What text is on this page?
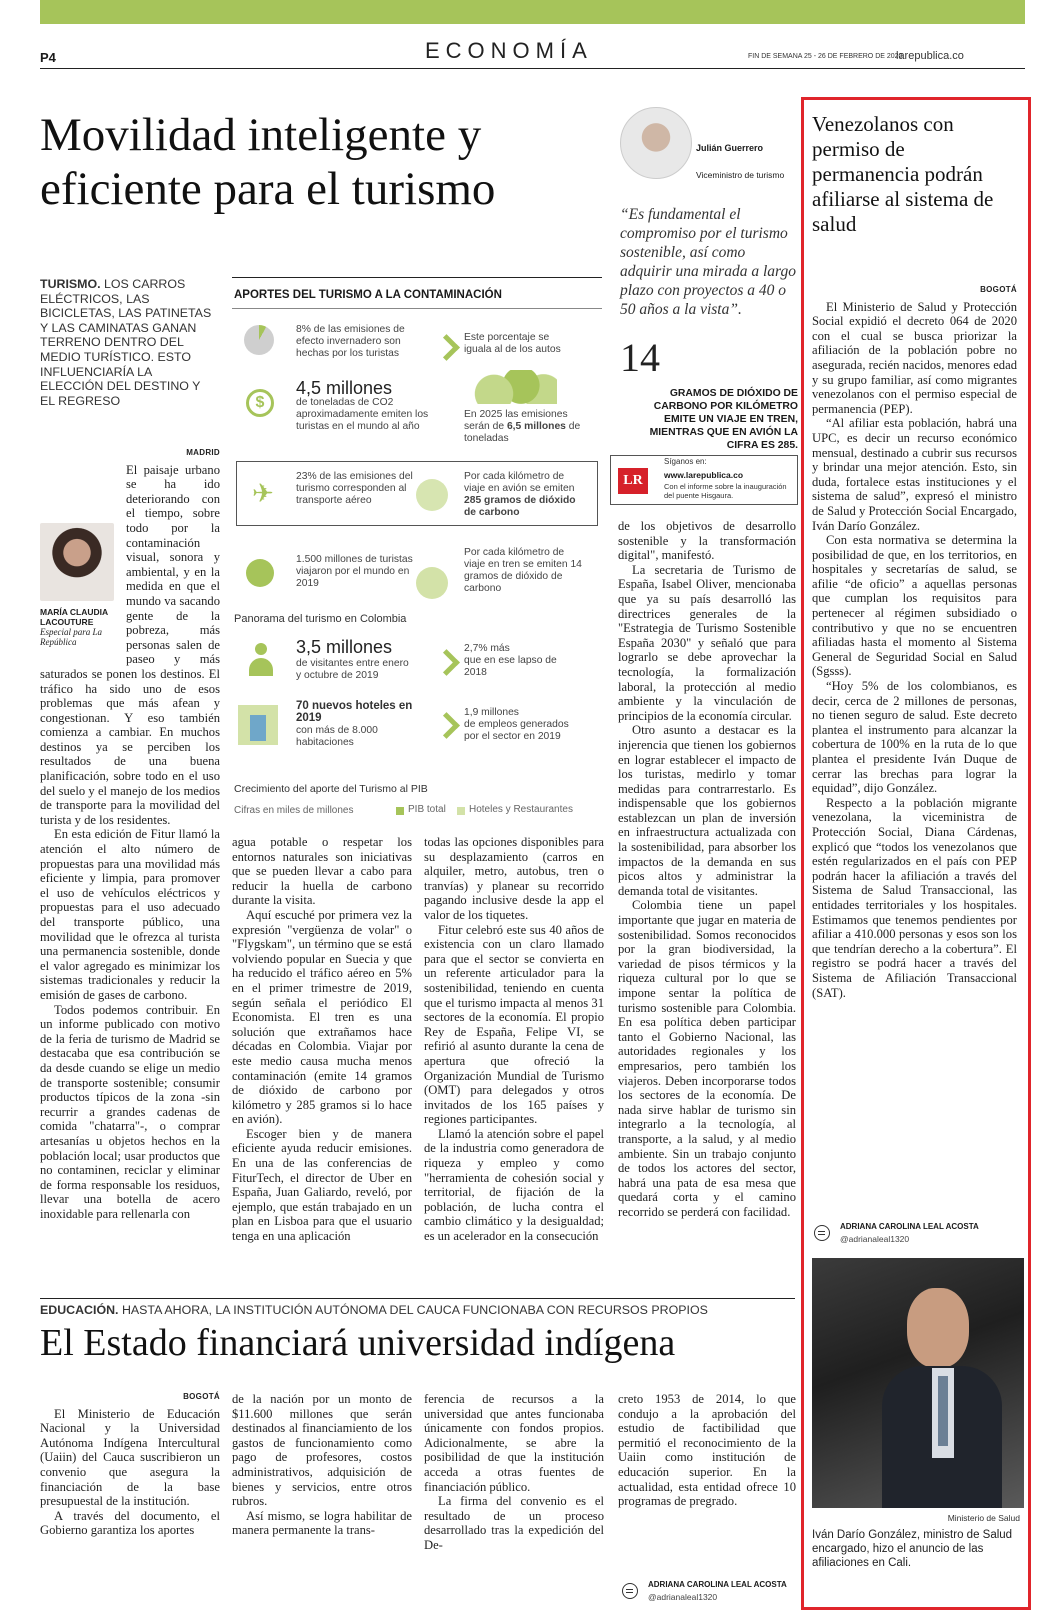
P4	ECONOMÍA	FIN DE SEMANA 25 - 26 DE FEBRERO DE 2020
larepublica.co
Movilidad inteligente y eficiente para el turismo
TURISMO. LOS CARROS ELÉCTRICOS, LAS BICICLETAS, LAS PATINETAS Y LAS CAMINATAS GANAN TERRENO DENTRO DEL MEDIO TURÍSTICO. ESTO INFLUENCIARÍA LA ELECCIÓN DEL DESTINO Y EL REGRESO
MADRID
MARÍA CLAUDIA LACOUTURE
Especial para La República

El paisaje urbano se ha ido deteriorando con el tiempo, sobre todo por la contaminación visual, sonora y ambiental, y en la medida en que el mundo va sacando gente de la pobreza, más personas salen de paseo y más saturados se ponen los destinos. El tráfico ha sido uno de esos problemas que más afean y congestionan. Y eso también comienza a cambiar. En muchos destinos ya se perciben los resultados de una buena planificación, sobre todo en el uso del suelo y el manejo de los medios de transporte para la movilidad del turista y de los residentes.

En esta edición de Fitur llamó la atención el alto número de propuestas para una movilidad más eficiente y limpia, para promover el uso de vehículos eléctricos y propuestas para el uso adecuado del transporte público, una movilidad que le ofrezca al turista una permanencia sostenible, donde el valor agregado es minimizar los sistemas tradicionales y reducir la emisión de gases de carbono.

Todos podemos contribuir. En un informe publicado con motivo de la feria de turismo de Madrid se destacaba que esa contribución se da desde cuando se elige un medio de transporte sostenible; consumir productos típicos de la zona -sin recurrir a grandes cadenas de comida "chatarra"-, o comprar artesanías u objetos hechos en la población local; usar productos que no contaminen, reciclar y eliminar de forma responsable los residuos, llevar una botella de acero inoxidable para rellenarla con

APORTES DEL TURISMO A LA CONTAMINACIÓN
8% de las emisiones de efecto invernadero son hechas por los turistas
Este porcentaje se iguala al de los autos
$
4,5 millones
de toneladas de CO2 aproximadamente emiten los turistas en el mundo al año
En 2025 las emisiones serán de 6,5 millones de toneladas
✈
23% de las emisiones del turismo corresponden al transporte aéreo
Por cada kilómetro de viaje en avión se emiten 285 gramos de dióxido de carbono
1.500 millones de turistas viajaron por el mundo en 2019
Por cada kilómetro de viaje en tren se emiten 14 gramos de dióxido de carbono
Panorama del turismo en Colombia
3,5 millones
de visitantes entre enero y octubre de 2019
2,7% más
que en ese lapso de 2018
70 nuevos hoteles en 2019
con más de 8.000 habitaciones
1,9 millones
de empleos generados por el sector en 2019
Crecimiento del aporte del Turismo al PIB
Cifras en miles de millones	PIB total Hoteles y Restaurantes

agua potable o respetar los entornos naturales son iniciativas que se pueden llevar a cabo para reducir la huella de carbono durante la visita.

Aquí escuché por primera vez la expresión "vergüenza de volar" o "Flygskam", un término que se está volviendo popular en Suecia y que ha reducido el tráfico aéreo en 5% en el primer trimestre de 2019, según señala el periódico El Economista. El tren es una solución que extrañamos hace décadas en Colombia. Viajar por este medio causa mucha menos contaminación (emite 14 gramos de dióxido de carbono por kilómetro y 285 gramos si lo hace en avión).

Escoger bien y de manera eficiente ayuda reducir emisiones. En una de las conferencias de FiturTech, el director de Uber en España, Juan Galiardo, reveló, por ejemplo, que están trabajado en un plan en Lisboa para que el usuario tenga en una aplicación

todas las opciones disponibles para su desplazamiento (carros en alquiler, metro, autobus, tren o tranvías) y planear su recorrido pagando inclusive desde la app el valor de los tiquetes.

Fitur celebró este sus 40 años de existencia con un claro llamado para que el sector se convierta en un referente articulador para la sostenibilidad, teniendo en cuenta que el turismo impacta al menos 31 sectores de la economía. El propio Rey de España, Felipe VI, se refirió al asunto durante la cena de apertura que ofreció la Organización Mundial de Turismo (OMT) para delegados y otros invitados de los 165 países y regiones participantes.

Llamó la atención sobre el papel de la industria como generadora de riqueza y empleo y como "herramienta de cohesión social y territorial, de fijación de la población, de lucha contra el cambio climático y la desigualdad; es un acelerador en la consecución

Julián Guerrero
Viceministro de turismo
“Es fundamental el compromiso por el turismo sostenible, así como adquirir una mirada a largo plazo con proyectos a 40 o 50 años a la vista”.
14
GRAMOS DE DIÓXIDO DE CARBONO POR KILÓMETRO EMITE UN VIAJE EN TREN, MIENTRAS QUE EN AVIÓN LA CIFRA ES 285.
LR
Síganos en:
www.larepublica.co
Con el informe sobre la inauguración del puente Hisgaura.

de los objetivos de desarrollo sostenible y la transformación digital", manifestó.

La secretaria de Turismo de España, Isabel Oliver, mencionaba que ya su país desarrolló las directrices generales de la "Estrategia de Turismo Sostenible España 2030" y señaló que para lograrlo se debe aprovechar la tecnología, la formalización laboral, la protección al medio ambiente y la vinculación de principios de la economía circular.

Otro asunto a destacar es la injerencia que tienen los gobiernos en lograr establecer el impacto de los turistas, medirlo y tomar medidas para contrarrestarlo. Es indispensable que los gobiernos establezcan un plan de inversión en infraestructura actualizada con la sostenibilidad, para absorber los impactos de la demanda en sus picos altos y administrar la demanda total de visitantes.

Colombia tiene un papel importante que jugar en materia de sostenibilidad. Somos reconocidos por la gran biodiversidad, la variedad de pisos térmicos y la riqueza cultural por lo que se impone sentar la política de turismo sostenible para Colombia. En esa política deben participar tanto el Gobierno Nacional, las autoridades regionales y los empresarios, pero también los viajeros. Deben incorporarse todos los sectores de la economía. De nada sirve hablar de turismo sin integrarlo a la tecnología, al transporte, a la salud, y al medio ambiente. Sin un trabajo conjunto de todos los actores del sector, habrá una pata de esa mesa que quedará corta y el camino recorrido se perderá con facilidad.

Venezolanos con permiso de permanencia podrán afiliarse al sistema de salud
BOGOTÁ

El Ministerio de Salud y Protección Social expidió el decreto 064 de 2020 con el cual se busca priorizar la afiliación de la población pobre no asegurada, recién nacidos, menores edad y su grupo familiar, así como migrantes venezolanos con el permiso especial de permanencia (PEP).

“Al afiliar esta población, habrá una UPC, es decir un recurso económico mensual, destinado a cubrir sus recursos y brindar una mejor atención. Esto, sin duda, fortalece estas instituciones y el sistema de salud”, expresó el ministro de Salud y Protección Social Encargado, Iván Darío González.

Con esta normativa se determina la posibilidad de que, en los territorios, en hospitales y secretarías de salud, se afilie “de oficio” a aquellas personas que cumplan los requisitos para pertenecer al régimen subsidiado o contributivo y que no se encuentren afiliadas hasta el momento al Sistema General de Seguridad Social en Salud (Sgsss).

“Hoy 5% de los colombianos, es decir, cerca de 2 millones de personas, no tienen seguro de salud. Este decreto plantea el instrumento para alcanzar la cobertura de 100% en la ruta de lo que plantea el presidente Iván Duque de cerrar las brechas para lograr la equidad”, dijo González.

Respecto a la población migrante venezolana, la viceministra de Protección Social, Diana Cárdenas, explicó que “todos los venezolanos que estén regularizados en el país con PEP podrán hacer la afiliación a través del Sistema de Salud Transaccional, las entidades territoriales y los hospitales. Estimamos que tenemos pendientes por afiliar a 410.000 personas y esos son los que tendrían derecho a la cobertura”. El registro se podrá hacer a través del Sistema de Afiliación Transaccional (SAT).

ADRIANA CAROLINA LEAL ACOSTA
@adrianaleal1320
Ministerio de Salud
Iván Darío González, ministro de Salud encargado, hizo el anuncio de las afiliaciones en Cali.
EDUCACIÓN. HASTA AHORA, LA INSTITUCIÓN AUTÓNOMA DEL CAUCA FUNCIONABA CON RECURSOS PROPIOS
El Estado financiará universidad indígena
BOGOTÁ

El Ministerio de Educación Nacional y la Universidad Autónoma Indígena Intercultural (Uaiin) del Cauca suscribieron un convenio que asegura la financiación de la base presupuestal de la institución.

A través del documento, el Gobierno garantiza los aportes

de la nación por un monto de $11.600 millones que serán destinados al financiamiento de los gastos de funcionamiento como pago de profesores, costos administrativos, adquisición de bienes y servicios, entre otros rubros.

Así mismo, se logra habilitar de manera permanente la trans-

ferencia de recursos a la universidad que antes funcionaba únicamente con fondos propios. Adicionalmente, se abre la posibilidad de que la institución acceda a otras fuentes de financiación público.

La firma del convenio es el resultado de un proceso desarrollado tras la expedición del De-

creto 1953 de 2014, lo que condujo a la aprobación del estudio de factibilidad que permitió el reconocimiento de la Uaiin como institución de educación superior. En la actualidad, esta entidad ofrece 10 programas de pregrado.

ADRIANA CAROLINA LEAL ACOSTA
@adrianaleal1320
